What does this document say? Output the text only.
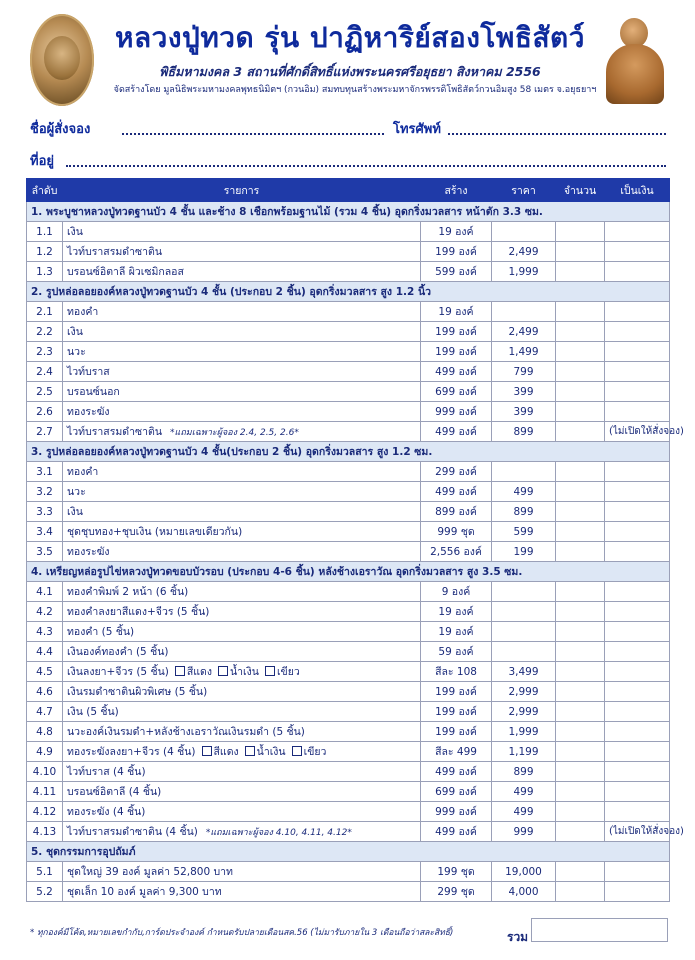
หลวงปู่ทวด รุ่น ปาฏิหาริย์สองโพธิสัตว์
พิธีมหามงคล 3 สถานที่ศักดิ์สิทธิ์แห่งพระนครศรีอยุธยา สิงหาคม 2556
จัดสร้างโดย มูลนิธิพระมหามงคลพุทธนิมิตฯ (กวนอิม) สมทบทุนสร้างพระมหาจักรพรรดิโพธิสัตว์กวนอิมสูง 58 เมตร จ.อยุธยาฯ
ชื่อผู้สั่งจอง	โทรศัพท์
ที่อยู่
ลำดับ	รายการ	สร้าง	ราคา	จำนวน	เป็นเงิน
1. พระบูชาหลวงปู่ทวดฐานบัว 4 ชั้น และช้าง 8 เชือกพร้อมฐานไม้ (รวม 4 ชิ้น) อุดกริ่งมวลสาร หน้าตัก 3.3 ซม.					
1.1	เงิน	19 องค์			
1.2	ไวท์บราสรมดำซาติน	199 องค์	2,499		
1.3	บรอนซ์อิตาลี ผิวเซมิกลอส	599 องค์	1,999		
2. รูปหล่อลอยองค์หลวงปู่ทวดฐานบัว 4 ชั้น (ประกอบ 2 ชิ้น) อุดกริ่งมวลสาร สูง 1.2 นิ้ว					
2.1	ทองคำ	19 องค์			
2.2	เงิน	199 องค์	2,499		
2.3	นวะ	199 องค์	1,499		
2.4	ไวท์บราส	499 องค์	799		
2.5	บรอนซ์นอก	699 องค์	399		
2.6	ทองระฆัง	999 องค์	399		
2.7	ไวท์บราสรมดำซาติน *แถมเฉพาะผู้จอง 2.4, 2.5, 2.6*	499 องค์	899		(ไม่เปิดให้สั่งจอง)
3. รูปหล่อลอยองค์หลวงปู่ทวดฐานบัว 4 ชั้น(ประกอบ 2 ชิ้น) อุดกริ่งมวลสาร สูง 1.2 ซม.					
3.1	ทองคำ	299 องค์			
3.2	นวะ	499 องค์	499		
3.3	เงิน	899 องค์	899		
3.4	ชุดชุบทอง+ชุบเงิน (หมายเลขเดียวกัน)	999 ชุด	599		
3.5	ทองระฆัง	2,556 องค์	199		
4. เหรียญหล่อรูปไข่หลวงปู่ทวดขอบบัวรอบ (ประกอบ 4-6 ชิ้น) หลังช้างเอราวัณ อุดกริ่งมวลสาร สูง 3.5 ซม.					
4.1	ทองคำพิมพ์ 2 หน้า (6 ชิ้น)	9 องค์			
4.2	ทองคำลงยาสีแดง+จีวร (5 ชิ้น)	19 องค์			
4.3	ทองคำ (5 ชิ้น)	19 องค์			
4.4	เงินองค์ทองคำ (5 ชิ้น)	59 องค์			
4.5	เงินลงยา+จีวร (5 ชิ้น) สีแดง น้ำเงิน เขียว	สีละ 108	3,499		
4.6	เงินรมดำซาตินผิวพิเศษ (5 ชิ้น)	199 องค์	2,999		
4.7	เงิน (5 ชิ้น)	199 องค์	2,999		
4.8	นวะองค์เงินรมดำ+หลังช้างเอราวัณเงินรมดำ (5 ชิ้น)	199 องค์	1,999		
4.9	ทองระฆังลงยา+จีวร (4 ชิ้น) สีแดง น้ำเงิน เขียว	สีละ 499	1,199		
4.10	ไวท์บราส (4 ชิ้น)	499 องค์	899		
4.11	บรอนซ์อิตาลี (4 ชิ้น)	699 องค์	499		
4.12	ทองระฆัง (4 ชิ้น)	999 องค์	499		
4.13	ไวท์บราสรมดำซาติน (4 ชิ้น) *แถมเฉพาะผู้จอง 4.10, 4.11, 4.12*	499 องค์	999		(ไม่เปิดให้สั่งจอง)
5. ชุดกรรมการอุปถัมภ์					
5.1	ชุดใหญ่ 39 องค์ มูลค่า 52,800 บาท	199 ชุด	19,000		
5.2	ชุดเล็ก 10 องค์ มูลค่า 9,300 บาท	299 ชุด	4,000		
* ทุกองค์มีโค้ด,หมายเลขกำกับ,การ์ดประจำองค์ กำหนดรับปลายเดือนสค.56 (ไม่มารับภายใน 3 เดือนถือว่าสละสิทธิ์)	รวม
